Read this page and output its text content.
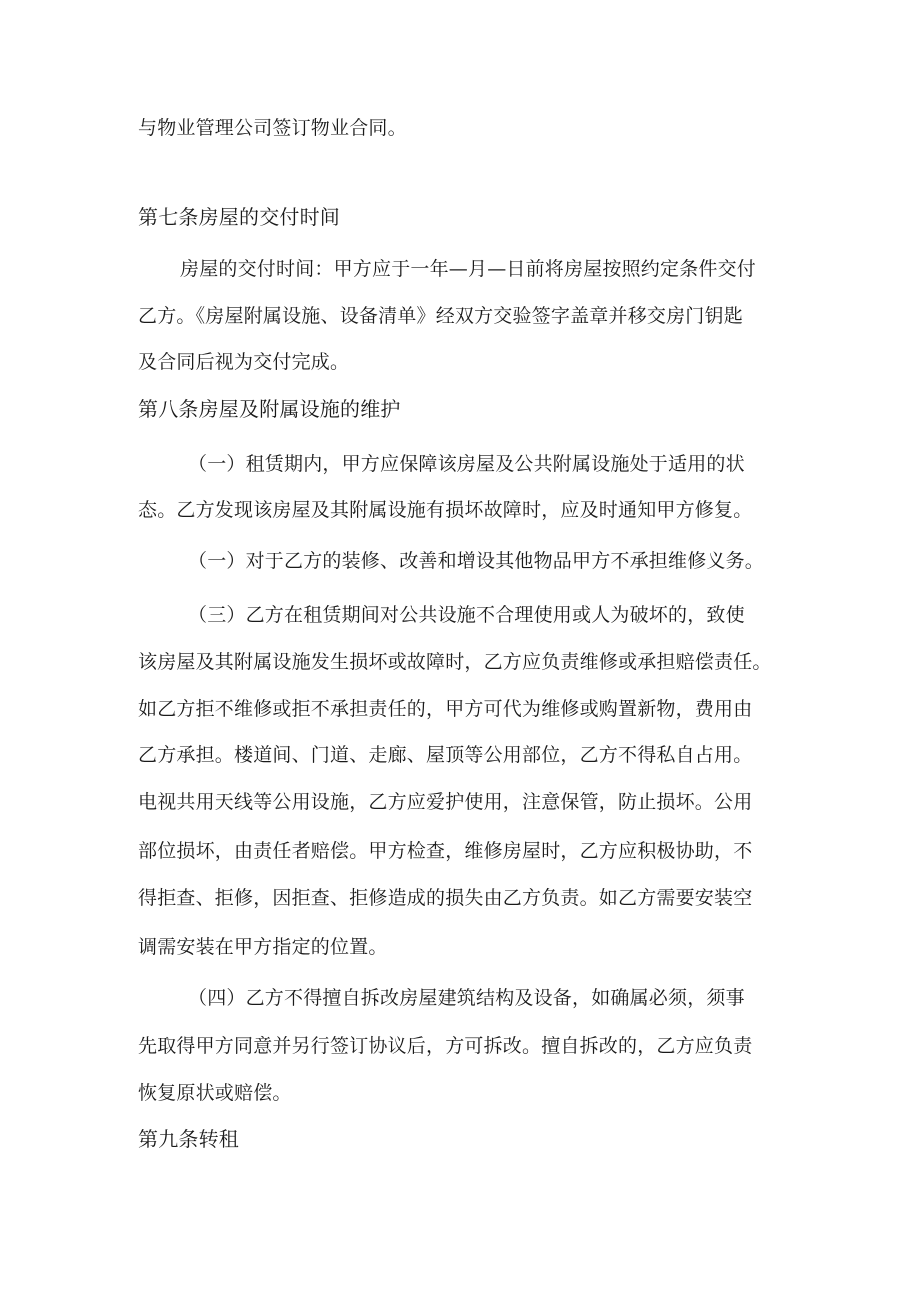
与物业管理公司签订物业合同。
第七条房屋的交付时间
房屋的交付时间：甲方应于一年—月—日前将房屋按照约定条件交付
乙方。《房屋附属设施、设备清单》经双方交验签字盖章并移交房门钥匙
及合同后视为交付完成。
第八条房屋及附属设施的维护
（一）租赁期内，甲方应保障该房屋及公共附属设施处于适用的状
态。乙方发现该房屋及其附属设施有损坏故障时，应及时通知甲方修复。
（一）对于乙方的装修、改善和增设其他物品甲方不承担维修义务。
（三）乙方在租赁期间对公共设施不合理使用或人为破坏的，致使
该房屋及其附属设施发生损坏或故障时，乙方应负责维修或承担赔偿责任。
如乙方拒不维修或拒不承担责任的，甲方可代为维修或购置新物，费用由
乙方承担。楼道间、门道、走廊、屋顶等公用部位，乙方不得私自占用。
电视共用天线等公用设施，乙方应爱护使用，注意保管，防止损坏。公用
部位损坏，由责任者赔偿。甲方检查，维修房屋时，乙方应积极协助，不
得拒查、拒修，因拒查、拒修造成的损失由乙方负责。如乙方需要安装空
调需安装在甲方指定的位置。
（四）乙方不得擅自拆改房屋建筑结构及设备，如确属必须，须事
先取得甲方同意并另行签订协议后，方可拆改。擅自拆改的，乙方应负责
恢复原状或赔偿。
第九条转租
